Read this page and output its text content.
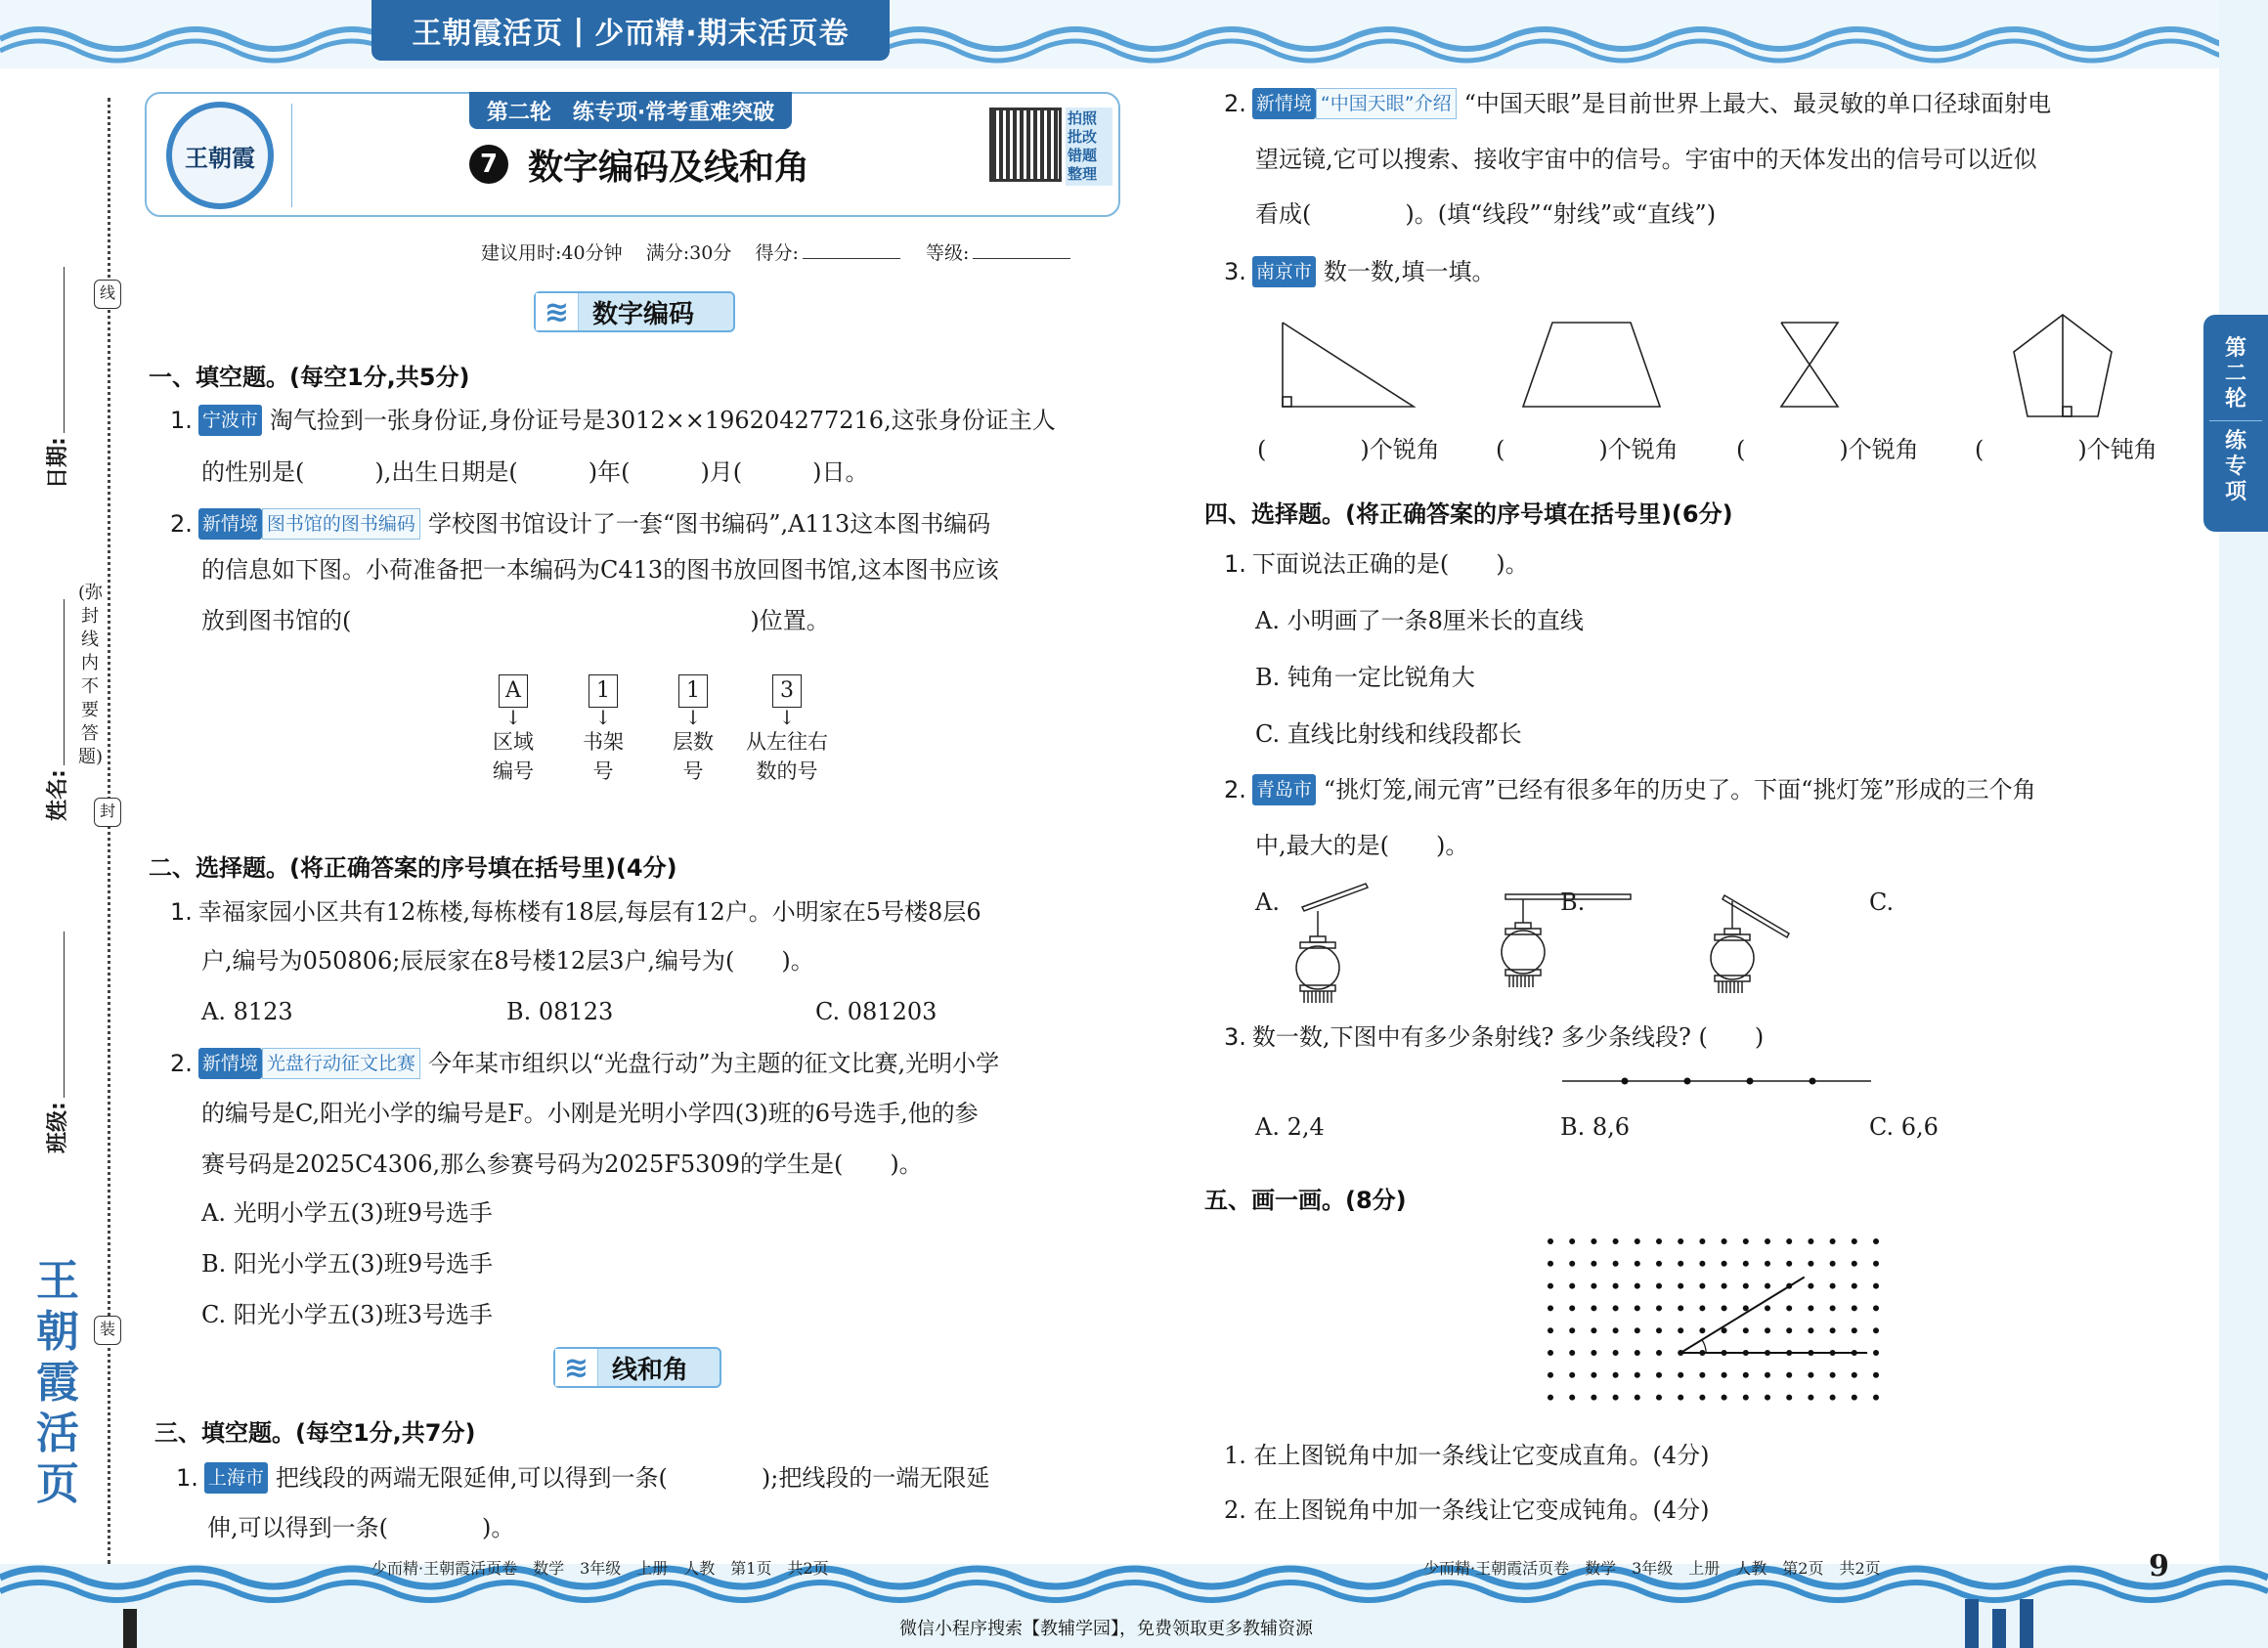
王朝霞活页 | 少而精·期末活页卷
王朝霞
第二轮　练专项·常考重难突破
7 数字编码及线和角
拍照批改 错题整理
建议用时:40分钟 满分:30分 得分:	等级:
线
封
装
日期:
姓名:
班级:
(弥封线内不要答题)
王朝霞活页
第二轮
练专项
≋ 数字编码
一、填空题。(每空1分,共5分)
1. 宁波市 淘气捡到一张身份证,身份证号是3012××196204277216,这张身份证主人
的性别是(　　　),出生日期是(　　　)年(　　　)月(　　　)日。
2. 新情境 图书馆的图书编码 学校图书馆设计了一套“图书编码”,A113这本图书编码
的信息如下图。小荷准备把一本编码为C413的图书放回图书馆,这本图书应该
放到图书馆的(　　　　　　　　　　　　　　　　　)位置。
A
↓
区域
编号
1
↓
书架
号
1
↓
层数
号
3
↓
从左往右
数的号
二、选择题。(将正确答案的序号填在括号里)(4分)
1. 幸福家园小区共有12栋楼,每栋楼有18层,每层有12户。小明家在5号楼8层6
户,编号为050806;辰辰家在8号楼12层3户,编号为(　　)。
A. 8123	B. 08123	C. 081203
2. 新情境 光盘行动征文比赛 今年某市组织以“光盘行动”为主题的征文比赛,光明小学
的编号是C,阳光小学的编号是F。小刚是光明小学四(3)班的6号选手,他的参
赛号码是2025C4306,那么参赛号码为2025F5309的学生是(　　)。
A. 光明小学五(3)班9号选手
B. 阳光小学五(3)班9号选手
C. 阳光小学五(3)班3号选手
≋ 线和角
三、填空题。(每空1分,共7分)
1. 上海市 把线段的两端无限延伸,可以得到一条(　　　　);把线段的一端无限延
伸,可以得到一条(　　　　)。
少而精·王朝霞活页卷　数学　3年级　上册　人教　第1页　共2页
2. 新情境 “中国天眼”介绍 “中国天眼”是目前世界上最大、最灵敏的单口径球面射电
望远镜,它可以搜索、接收宇宙中的信号。宇宙中的天体发出的信号可以近似
看成(　　　　)。(填“线段”“射线”或“直线”)
3. 南京市 数一数,填一填。
(　　　　)个锐角 (　　　　)个锐角 (　　　　)个锐角 (　　　　)个钝角
四、选择题。(将正确答案的序号填在括号里)(6分)
1. 下面说法正确的是(　　)。
A. 小明画了一条8厘米长的直线
B. 钝角一定比锐角大
C. 直线比射线和线段都长
2. 青岛市 “挑灯笼,闹元宵”已经有很多年的历史了。下面“挑灯笼”形成的三个角
中,最大的是(　　)。
A.	B.	C.
3. 数一数,下图中有多少条射线? 多少条线段? (　　)
A. 2,4	B. 8,6	C. 6,6
五、画一画。(8分)
1. 在上图锐角中加一条线让它变成直角。(4分)
2. 在上图锐角中加一条线让它变成钝角。(4分)
少而精·王朝霞活页卷　数学　3年级　上册　人教　第2页　共2页	9
微信小程序搜索【教辅学园】，免费领取更多教辅资源
